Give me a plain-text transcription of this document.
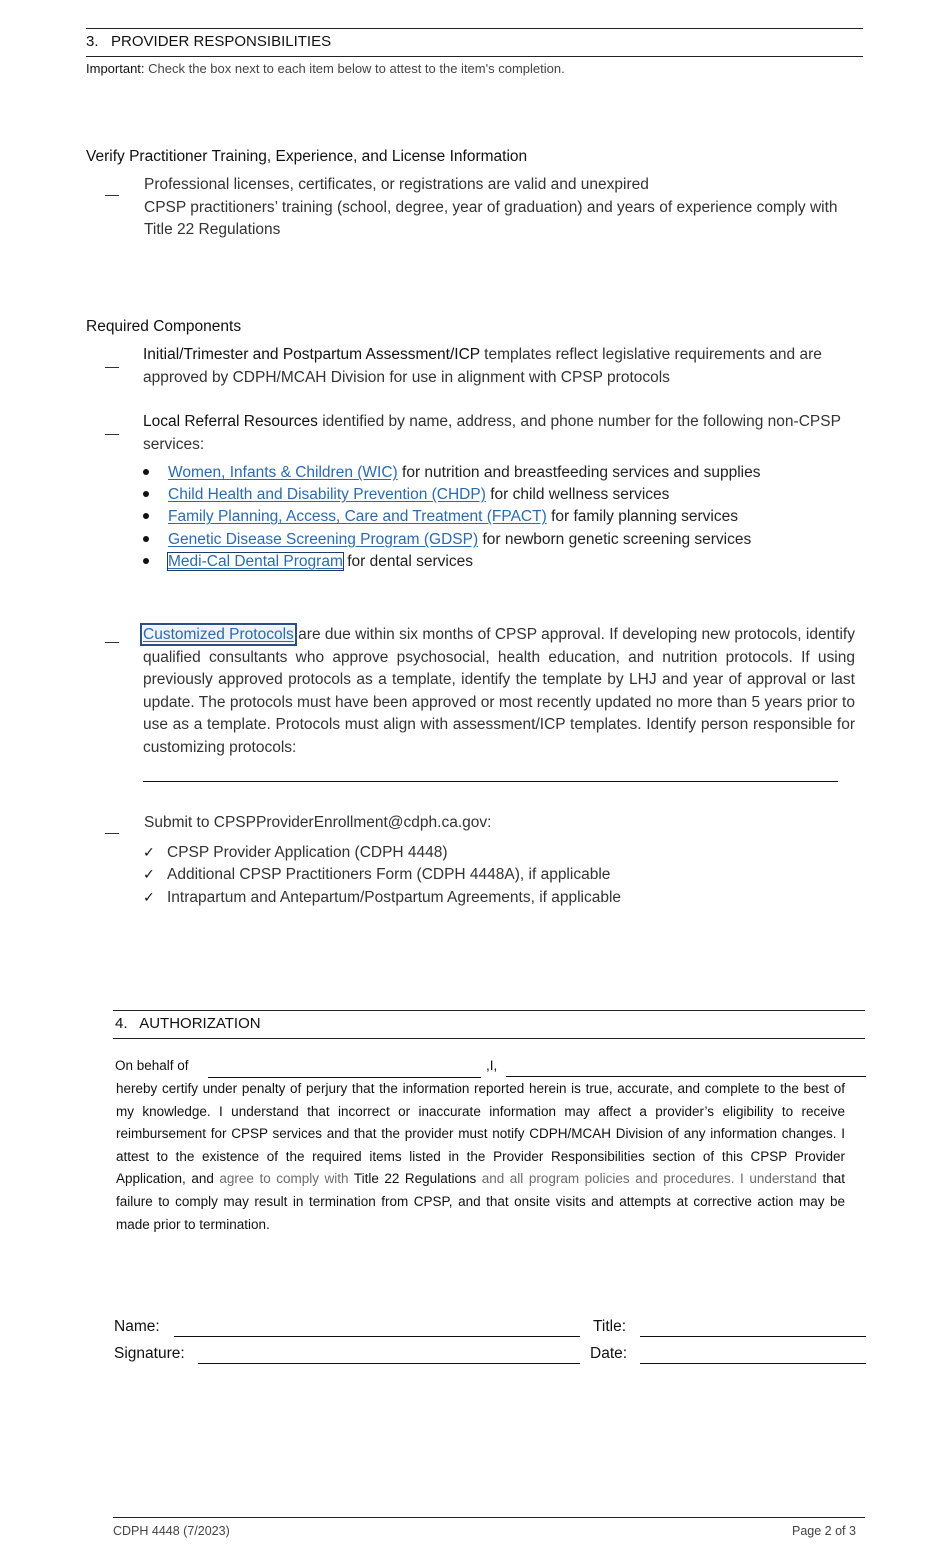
3. PROVIDER RESPONSIBILITIES
Important: Check the box next to each item below to attest to the item's completion.
Verify Practitioner Training, Experience, and License Information
Professional licenses, certificates, or registrations are valid and unexpired
CPSP practitioners’ training (school, degree, year of graduation) and years of experience comply with Title 22 Regulations
Required Components
Initial/Trimester and Postpartum Assessment/ICP templates reflect legislative requirements and are approved by CDPH/MCAH Division for use in alignment with CPSP protocols
Local Referral Resources identified by name, address, and phone number for the following non-CPSP services:
Women, Infants & Children (WIC) for nutrition and breastfeeding services and supplies
Child Health and Disability Prevention (CHDP) for child wellness services
Family Planning, Access, Care and Treatment (FPACT) for family planning services
Genetic Disease Screening Program (GDSP) for newborn genetic screening services
Medi-Cal Dental Program for dental services
Customized Protocols are due within six months of CPSP approval. If developing new protocols, identify qualified consultants who approve psychosocial, health education, and nutrition protocols. If using previously approved protocols as a template, identify the template by LHJ and year of approval or last update. The protocols must have been approved or most recently updated no more than 5 years prior to use as a template. Protocols must align with assessment/ICP templates. Identify person responsible for customizing protocols:
Submit to CPSPProviderEnrollment@cdph.ca.gov:
✓ CPSP Provider Application (CDPH 4448)
✓ Additional CPSP Practitioners Form (CDPH 4448A), if applicable
✓ Intrapartum and Antepartum/Postpartum Agreements, if applicable
4. AUTHORIZATION
On behalf of	,I,
hereby certify under penalty of perjury that the information reported herein is true, accurate, and complete to the best of my knowledge. I understand that incorrect or inaccurate information may affect a provider’s eligibility to receive reimbursement for CPSP services and that the provider must notify CDPH/MCAH Division of any information changes. I attest to the existence of the required items listed in the Provider Responsibilities section of this CPSP Provider Application, and agree to comply with Title 22 Regulations and all program policies and procedures. I understand that failure to comply may result in termination from CPSP, and that onsite visits and attempts at corrective action may be made prior to termination.
Name:	Title:
Signature:	Date:
CDPH 4448 (7/2023)	Page 2 of 3
